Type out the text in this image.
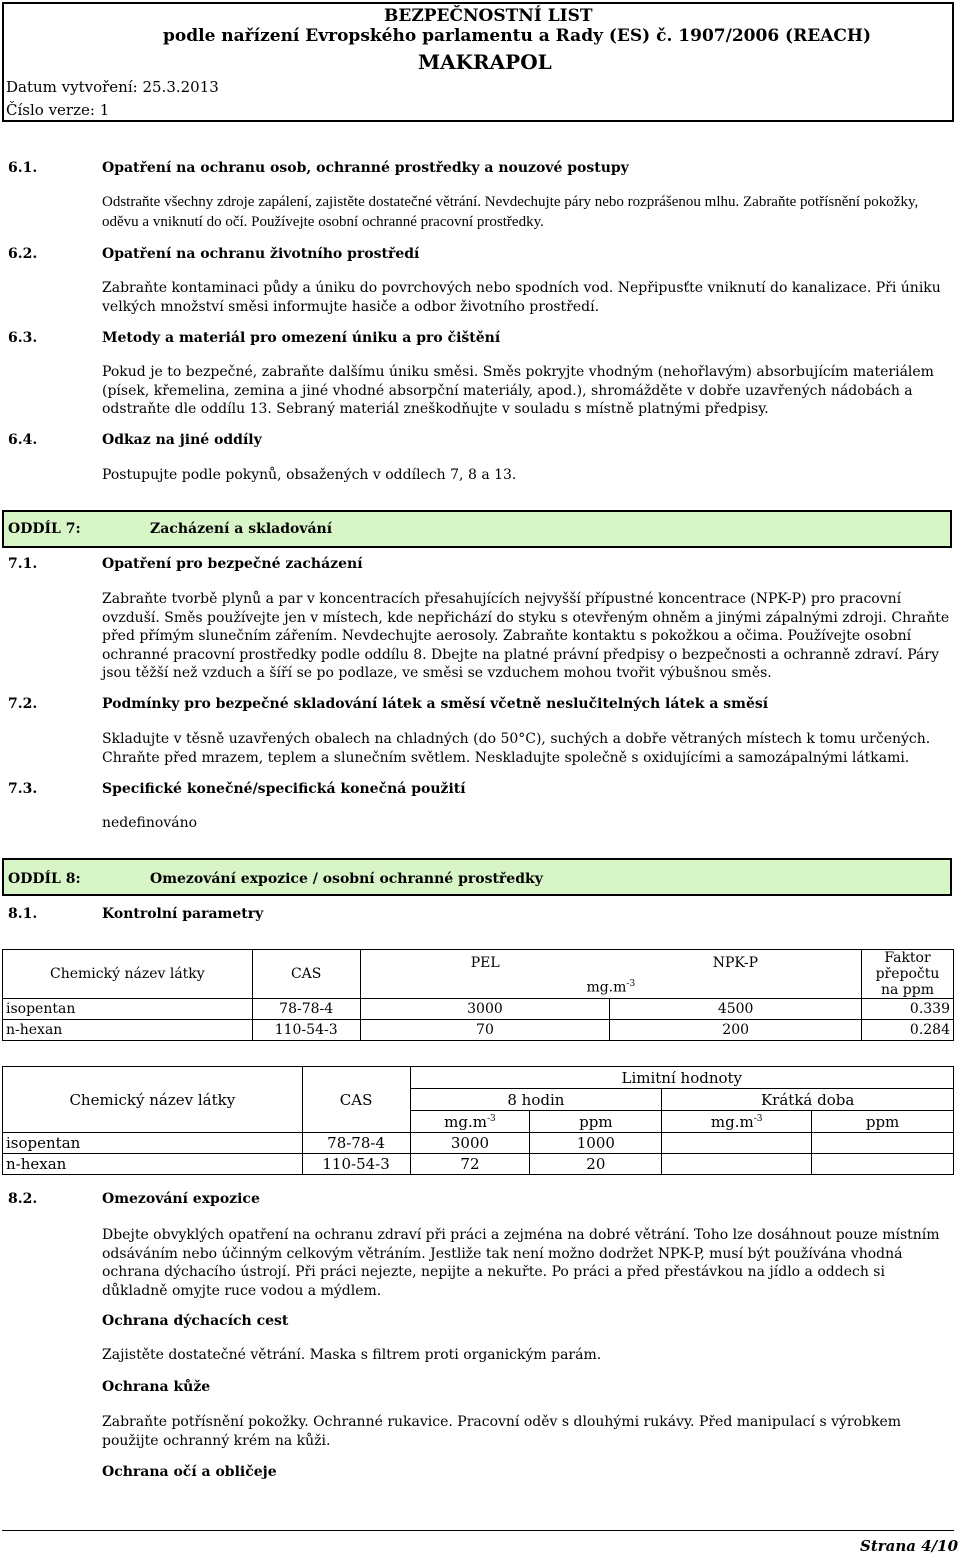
BEZPEČNOSTNÍ LIST
podle nařízení Evropského parlamentu a Rady (ES) č. 1907/2006 (REACH)
MAKRAPOL
Datum vytvoření: 25.3.2013
Číslo verze: 1
6.1.	Opatření na ochranu osob, ochranné prostředky a nouzové postupy
Odstraňte všechny zdroje zapálení, zajistěte dostatečné větrání. Nevdechujte páry nebo rozprášenou mlhu. Zabraňte potřísnění pokožky, oděvu a vniknutí do očí. Používejte osobní ochranné pracovní prostředky.
6.2.	Opatření na ochranu životního prostředí
Zabraňte kontaminaci půdy a úniku do povrchových nebo spodních vod. Nepřipusťte vniknutí do kanalizace. Při úniku velkých množství směsi informujte hasiče a odbor životního prostředí.
6.3.	Metody a materiál pro omezení úniku a pro čištění
Pokud je to bezpečné, zabraňte dalšímu úniku směsi. Směs pokryjte vhodným (nehořlavým) absorbujícím materiálem (písek, křemelina, zemina a jiné vhodné absorpční materiály, apod.), shromážděte v dobře uzavřených nádobách a odstraňte dle oddílu 13. Sebraný materiál zneškodňujte v souladu s místně platnými předpisy.
6.4.	Odkaz na jiné oddíly
Postupujte podle pokynů, obsažených v oddílech 7, 8 a 13.
ODDÍL 7:	Zacházení a skladování
7.1.	Opatření pro bezpečné zacházení
Zabraňte tvorbě plynů a par v koncentracích přesahujících nejvyšší přípustné koncentrace (NPK-P) pro pracovní ovzduší. Směs používejte jen v místech, kde nepřichází do styku s otevřeným ohněm a jinými zápalnými zdroji. Chraňte před přímým slunečním zářením. Nevdechujte aerosoly. Zabraňte kontaktu s pokožkou a očima. Používejte osobní ochranné pracovní prostředky podle oddílu 8. Dbejte na platné právní předpisy o bezpečnosti a ochranně zdraví. Páry jsou těžší než vzduch a šíří se po podlaze, ve směsi se vzduchem mohou tvořit výbušnou směs.
7.2.	Podmínky pro bezpečné skladování látek a směsí včetně neslučitelných látek a směsí
Skladujte v těsně uzavřených obalech na chladných (do 50°C), suchých a dobře větraných místech k tomu určených. Chraňte před mrazem, teplem a slunečním světlem. Neskladujte společně s oxidujícími a samozápalnými látkami.
7.3.	Specifické konečné/specifická konečná použití
nedefinováno
ODDÍL 8:	Omezování expozice / osobní ochranné prostředky
8.1.	Kontrolní parametry
Chemický název látky	CAS	PEL	NPK-P	Faktor přepočtu na ppm
		$mg.m^{-3}$
isopentan	78-78-4	3000	4500	0.339
n-hexan	110-54-3	70	200	0.284
Chemický název látky	CAS	Limitní hodnoty			
		8 hodin		Krátká doba	
		$mg.m^{-3}$	ppm	$mg.m^{-3}$	ppm
isopentan	78-78-4	3000	1000		
n-hexan	110-54-3	72	20		
8.2.	Omezování expozice
Dbejte obvyklých opatření na ochranu zdraví při práci a zejména na dobré větrání. Toho lze dosáhnout pouze místním odsáváním nebo účinným celkovým větráním. Jestliže tak není možno dodržet NPK-P, musí být používána vhodná ochrana dýchacího ústrojí. Při práci nejezte, nepijte a nekuřte. Po práci a před přestávkou na jídlo a oddech si důkladně omyjte ruce vodou a mýdlem.
Ochrana dýchacích cest
Zajistěte dostatečné větrání. Maska s filtrem proti organickým parám.
Ochrana kůže
Zabraňte potřísnění pokožky. Ochranné rukavice. Pracovní oděv s dlouhými rukávy. Před manipulací s výrobkem použijte ochranný krém na kůži.
Ochrana očí a obličeje
Strana 4/10
